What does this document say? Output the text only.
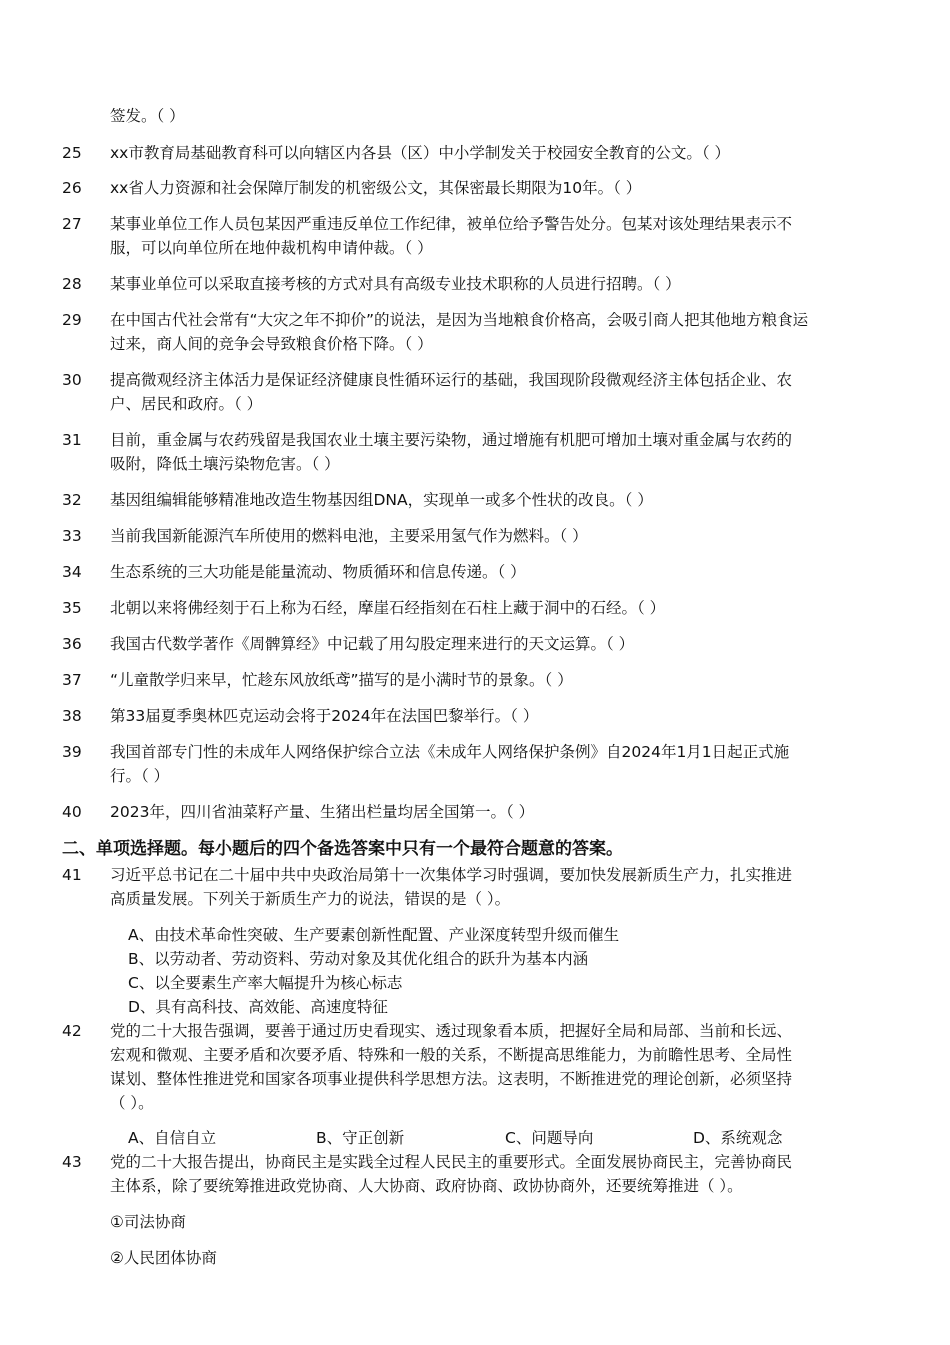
签发。（ ）
25	xx市教育局基础教育科可以向辖区内各县（区）中小学制发关于校园安全教育的公文。（ ）
26	xx省人力资源和社会保障厅制发的机密级公文，其保密最长期限为10年。（ ）
27	某事业单位工作人员包某因严重违反单位工作纪律，被单位给予警告处分。包某对该处理结果表示不
服，可以向单位所在地仲裁机构申请仲裁。（ ）
28	某事业单位可以采取直接考核的方式对具有高级专业技术职称的人员进行招聘。（ ）
29	在中国古代社会常有“大灾之年不抑价”的说法，是因为当地粮食价格高，会吸引商人把其他地方粮食运
过来，商人间的竞争会导致粮食价格下降。（ ）
30	提高微观经济主体活力是保证经济健康良性循环运行的基础，我国现阶段微观经济主体包括企业、农
户、居民和政府。（ ）
31	目前，重金属与农药残留是我国农业土壤主要污染物，通过增施有机肥可增加土壤对重金属与农药的
吸附，降低土壤污染物危害。（ ）
32	基因组编辑能够精准地改造生物基因组DNA，实现单一或多个性状的改良。（ ）
33	当前我国新能源汽车所使用的燃料电池，主要采用氢气作为燃料。（ ）
34	生态系统的三大功能是能量流动、物质循环和信息传递。（ ）
35	北朝以来将佛经刻于石上称为石经，摩崖石经指刻在石柱上藏于洞中的石经。（ ）
36	我国古代数学著作《周髀算经》中记载了用勾股定理来进行的天文运算。（ ）
37	“儿童散学归来早，忙趁东风放纸鸢”描写的是小满时节的景象。（ ）
38	第33届夏季奥林匹克运动会将于2024年在法国巴黎举行。（ ）
39	我国首部专门性的未成年人网络保护综合立法《未成年人网络保护条例》自2024年1月1日起正式施
行。（ ）
40	2023年，四川省油菜籽产量、生猪出栏量均居全国第一。（ ）
二、单项选择题。每小题后的四个备选答案中只有一个最符合题意的答案。
41	习近平总书记在二十届中共中央政治局第十一次集体学习时强调，要加快发展新质生产力，扎实推进
高质量发展。下列关于新质生产力的说法，错误的是（ ）。
A、由技术革命性突破、生产要素创新性配置、产业深度转型升级而催生
B、以劳动者、劳动资料、劳动对象及其优化组合的跃升为基本内涵
C、以全要素生产率大幅提升为核心标志
D、具有高科技、高效能、高速度特征
42	党的二十大报告强调，要善于通过历史看现实、透过现象看本质，把握好全局和局部、当前和长远、
宏观和微观、主要矛盾和次要矛盾、特殊和一般的关系，不断提高思维能力，为前瞻性思考、全局性
谋划、整体性推进党和国家各项事业提供科学思想方法。这表明，不断推进党的理论创新，必须坚持
（ ）。
A、自信自立	B、守正创新	C、问题导向	D、系统观念
43	党的二十大报告提出，协商民主是实践全过程人民民主的重要形式。全面发展协商民主，完善协商民
主体系，除了要统筹推进政党协商、人大协商、政府协商、政协协商外，还要统筹推进（ ）。
①司法协商
②人民团体协商
